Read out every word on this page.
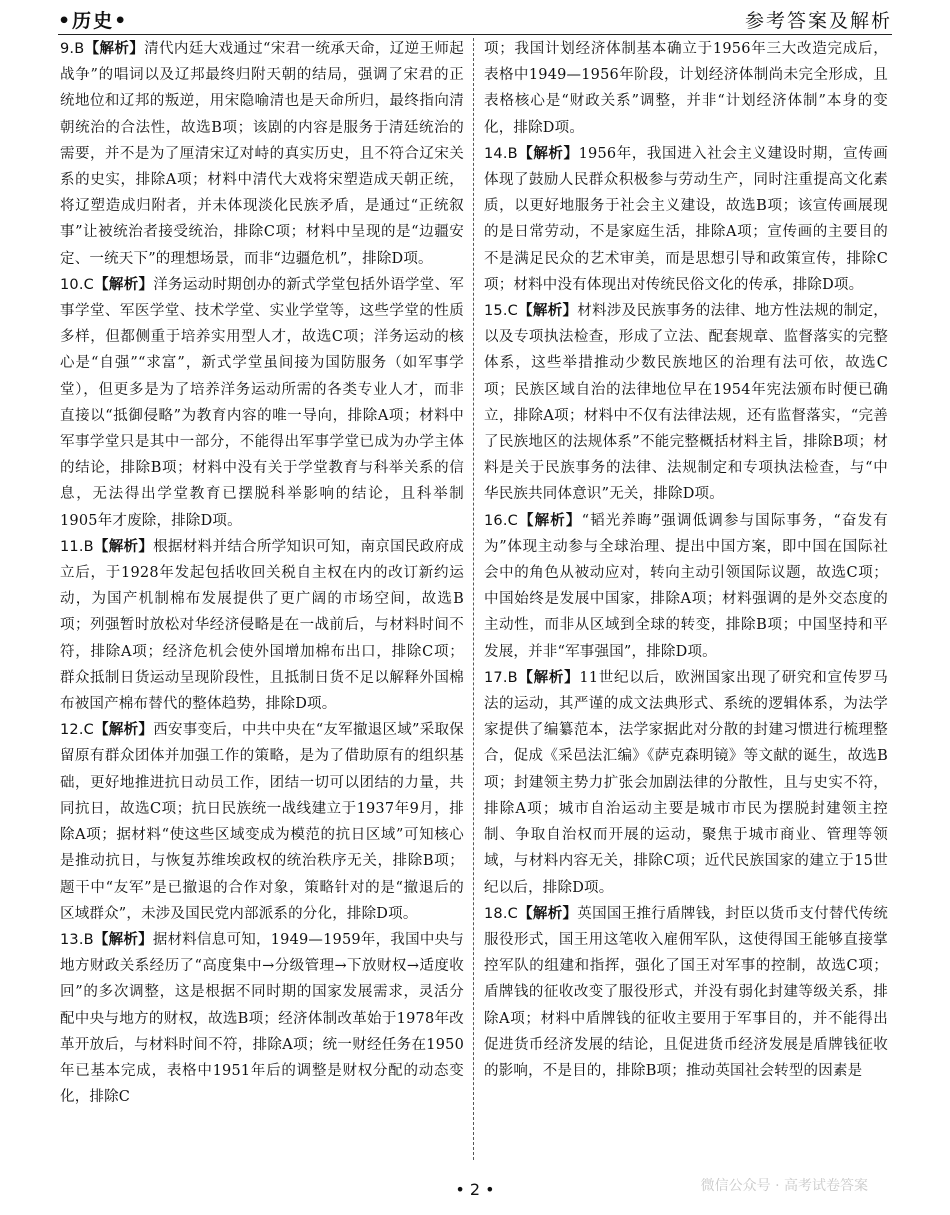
•历史•	参考答案及解析

9.B【解析】清代内廷大戏通过“宋君一统承天命，辽逆王师起战争”的唱词以及辽邦最终归附天朝的结局，强调了宋君的正统地位和辽邦的叛逆，用宋隐喻清也是天命所归，最终指向清朝统治的合法性，故选B项；该剧的内容是服务于清廷统治的需要，并不是为了厘清宋辽对峙的真实历史，且不符合辽宋关系的史实，排除A项；材料中清代大戏将宋塑造成天朝正统，将辽塑造成归附者，并未体现淡化民族矛盾，是通过“正统叙事”让被统治者接受统治，排除C项；材料中呈现的是“边疆安定、一统天下”的理想场景，而非“边疆危机”，排除D项。

10.C【解析】洋务运动时期创办的新式学堂包括外语学堂、军事学堂、军医学堂、技术学堂、实业学堂等，这些学堂的性质多样，但都侧重于培养实用型人才，故选C项；洋务运动的核心是“自强”“求富”，新式学堂虽间接为国防服务（如军事学堂），但更多是为了培养洋务运动所需的各类专业人才，而非直接以“抵御侵略”为教育内容的唯一导向，排除A项；材料中军事学堂只是其中一部分，不能得出军事学堂已成为办学主体的结论，排除B项；材料中没有关于学堂教育与科举关系的信息，无法得出学堂教育已摆脱科举影响的结论，且科举制1905年才废除，排除D项。

11.B【解析】根据材料并结合所学知识可知，南京国民政府成立后，于1928年发起包括收回关税自主权在内的改订新约运动，为国产机制棉布发展提供了更广阔的市场空间，故选B项；列强暂时放松对华经济侵略是在一战前后，与材料时间不符，排除A项；经济危机会使外国增加棉布出口，排除C项；群众抵制日货运动呈现阶段性，且抵制日货不足以解释外国棉布被国产棉布替代的整体趋势，排除D项。

12.C【解析】西安事变后，中共中央在“友军撤退区域”采取保留原有群众团体并加强工作的策略，是为了借助原有的组织基础，更好地推进抗日动员工作，团结一切可以团结的力量，共同抗日，故选C项；抗日民族统一战线建立于1937年9月，排除A项；据材料“使这些区域变成为模范的抗日区域”可知核心是推动抗日，与恢复苏维埃政权的统治秩序无关，排除B项；题干中“友军”是已撤退的合作对象，策略针对的是“撤退后的区域群众”，未涉及国民党内部派系的分化，排除D项。

13.B【解析】据材料信息可知，1949—1959年，我国中央与地方财政关系经历了“高度集中→分级管理→下放财权→适度收回”的多次调整，这是根据不同时期的国家发展需求，灵活分配中央与地方的财权，故选B项；经济体制改革始于1978年改革开放后，与材料时间不符，排除A项；统一财经任务在1950年已基本完成，表格中1951年后的调整是财权分配的动态变化，排除C

项；我国计划经济体制基本确立于1956年三大改造完成后，表格中1949—1956年阶段，计划经济体制尚未完全形成，且表格核心是“财政关系”调整，并非“计划经济体制”本身的变化，排除D项。

14.B【解析】1956年，我国进入社会主义建设时期，宣传画体现了鼓励人民群众积极参与劳动生产，同时注重提高文化素质，以更好地服务于社会主义建设，故选B项；该宣传画展现的是日常劳动，不是家庭生活，排除A项；宣传画的主要目的不是满足民众的艺术审美，而是思想引导和政策宣传，排除C项；材料中没有体现出对传统民俗文化的传承，排除D项。

15.C【解析】材料涉及民族事务的法律、地方性法规的制定，以及专项执法检查，形成了立法、配套规章、监督落实的完整体系，这些举措推动少数民族地区的治理有法可依，故选C项；民族区域自治的法律地位早在1954年宪法颁布时便已确立，排除A项；材料中不仅有法律法规，还有监督落实，“完善了民族地区的法规体系”不能完整概括材料主旨，排除B项；材料是关于民族事务的法律、法规制定和专项执法检查，与“中华民族共同体意识”无关，排除D项。

16.C【解析】“韬光养晦”强调低调参与国际事务，“奋发有为”体现主动参与全球治理、提出中国方案，即中国在国际社会中的角色从被动应对，转向主动引领国际议题，故选C项；中国始终是发展中国家，排除A项；材料强调的是外交态度的主动性，而非从区域到全球的转变，排除B项；中国坚持和平发展，并非“军事强国”，排除D项。

17.B【解析】11世纪以后，欧洲国家出现了研究和宣传罗马法的运动，其严谨的成文法典形式、系统的逻辑体系，为法学家提供了编纂范本，法学家据此对分散的封建习惯进行梳理整合，促成《采邑法汇编》《萨克森明镜》等文献的诞生，故选B项；封建领主势力扩张会加剧法律的分散性，且与史实不符，排除A项；城市自治运动主要是城市市民为摆脱封建领主控制、争取自治权而开展的运动，聚焦于城市商业、管理等领域，与材料内容无关，排除C项；近代民族国家的建立于15世纪以后，排除D项。

18.C【解析】英国国王推行盾牌钱，封臣以货币支付替代传统服役形式，国王用这笔收入雇佣军队，这使得国王能够直接掌控军队的组建和指挥，强化了国王对军事的控制，故选C项；盾牌钱的征收改变了服役形式，并没有弱化封建等级关系，排除A项；材料中盾牌钱的征收主要用于军事目的，并不能得出促进货币经济发展的结论，且促进货币经济发展是盾牌钱征收的影响，不是目的，排除B项；推动英国社会转型的因素是

• 2 •	微信公众号 · 高考试卷答案
